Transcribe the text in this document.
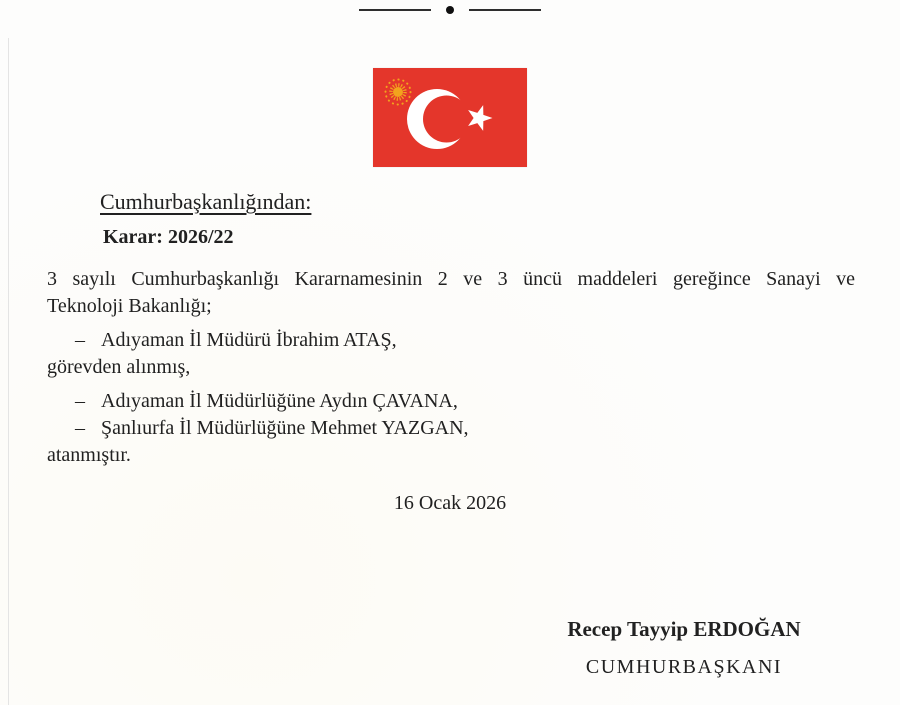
Cumhurbaşkanlığından:
Karar: 2026/22
3 sayılı Cumhurbaşkanlığı Kararnamesinin 2 ve 3 üncü maddeleri gereğince Sanayi ve
Teknoloji Bakanlığı;
– Adıyaman İl Müdürü İbrahim ATAŞ,
görevden alınmış,
– Adıyaman İl Müdürlüğüne Aydın ÇAVANA,
– Şanlıurfa İl Müdürlüğüne Mehmet YAZGAN,
atanmıştır.
16 Ocak 2026
Recep Tayyip ERDOĞAN
CUMHURBAŞKANI
